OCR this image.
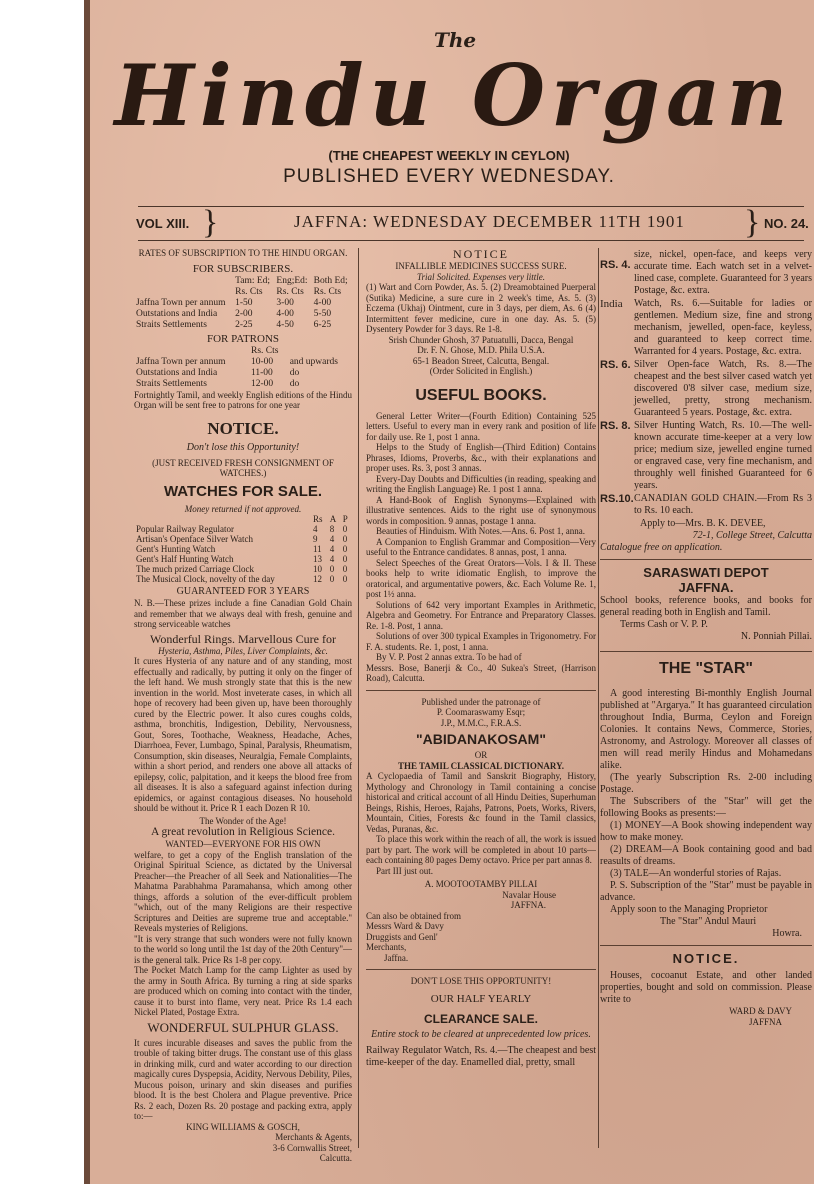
The
Hindu Organ
(THE CHEAPEST WEEKLY IN CEYLON)
PUBLISHED EVERY WEDNESDAY.
VOL XIII. }	JAFFNA: WEDNESDAY DECEMBER 11TH 1901 } NO. 24.

RATES OF SUBSCRIPTION TO THE HINDU ORGAN.

FOR SUBSCRIBERS.

	Tam: Ed;	Eng;Ed:	Both Ed;
	Rs. Cts	Rs. Cts	Rs. Cts
Jaffna Town per annum	1-50	3-00	4-00
Outstations and India	2-00	4-00	5-50
Straits Settlements	2-25	4-50	6-25

FOR PATRONS

	Rs. Cts	
Jaffna Town per annum	10-00	and upwards
Outstations and India	11-00	do
Straits Settlements	12-00	do

Fortnightly Tamil, and weekly English editions of the Hindu Organ will be sent free to patrons for one year

NOTICE.

Don't lose this Opportunity!

(JUST RECEIVED FRESH CONSIGNMENT OF WATCHES.)

WATCHES FOR SALE.

Money returned if not approved.

	Rs	A	P
Popular Railway Regulator	4	8	0
Artisan's Openface Silver Watch	9	4	0
Gent's Hunting Watch	11	4	0
Gent's Half Hunting Watch	13	4	0
The much prized Carriage Clock	10	0	0
The Musical Clock, novelty of the day	12	0	0

GUARANTEED FOR 3 YEARS

N. B.—These prizes include a fine Canadian Gold Chain and remember that we always deal with fresh, genuine and strong serviceable watches

Wonderful Rings. Marvellous Cure for

Hysteria, Asthma, Piles, Liver Complaints, &c.

It cures Hysteria of any nature and of any standing, most effectually and radically, by putting it only on the finger of the left hand. We mush strongly state that this is the new invention in the world. Most inveterate cases, in which all hope of recovery had been given up, have been thoroughly cured by the Electric power. It also cures coughs colds, asthma, bronchitis, Indigestion, Debility, Nervousness, Gout, Sores, Toothache, Weakness, Headache, Aches, Diarrhoea, Fever, Lumbago, Spinal, Paralysis, Rheumatism, Consumption, skin diseases, Neuralgia, Female Complaints, within a short period, and renders one above all attacks of epilepsy, colic, palpitation, and it keeps the blood free from all diseases. It is also a safeguard against infection during epidemics, or against contagious diseases. No household should be without it. Price R 1 each Dozen R 10.

The Wonder of the Age!

A great revolution in Religious Science.

WANTED—EVERYONE FOR HIS OWN

welfare, to get a copy of the English translation of the Original Spiritual Science, as dictated by the Universal Preacher—the Preacher of all Seek and Nationalities—The Mahatma Parabhahma Paramahansa, which among other things, affords a solution of the ever-difficult problem "which, out of the many Religions are their respective Scriptures and Deities are supreme true and acceptable." Reveals mysteries of Religions.

"It is very strange that such wonders were not fully known to the world so long until the 1st day of the 20th Century"—is the general talk. Price Rs 1-8 per copy.

The Pocket Match Lamp for the camp Lighter as used by the army in South Africa. By turning a ring at side sparks are produced which on coming into contact with the tinder, cause it to burst into flame, very neat. Price Rs 1.4 each Nickel Plated, Postage Extra.

WONDERFUL SULPHUR GLASS.

It cures incurable diseases and saves the public from the trouble of taking bitter drugs. The constant use of this glass in drinking milk, curd and water according to our direction magically cures Dyspepsia, Acidity, Nervous Debility, Piles, Mucous poison, urinary and skin diseases and purifies blood. It is the best Cholera and Plague preventive. Price Rs. 2 each, Dozen Rs. 20 postage and packing extra, apply to:—

KING WILLIAMS & GOSCH,

Merchants & Agents,

3-6 Cornwallis Street,

Calcutta.

NOTICE

INFALLIBLE MEDICINES SUCCESS SURE.

Trial Solicited. Expenses very little.

(1) Wart and Corn Powder, As. 5. (2) Dreamobtained Puerperal (Sutika) Medicine, a sure cure in 2 week's time, As. 5. (3) Eczema (Ukhaj) Ointment, cure in 3 days, per diem, As. 6 (4) Intermittent fever medicine, cure in one day. As. 5. (5) Dysentery Powder for 3 days. Re 1-8.

Srish Chunder Ghosh, 37 Patuatulli, Dacca, Bengal

Dr. F. N. Ghose, M.D. Phila U.S.A.

65-1 Beadon Street, Calcutta, Bengal.

(Order Solicited in English.)

USEFUL BOOKS.

General Letter Writer—(Fourth Edition) Containing 525 letters. Useful to every man in every rank and position of life for daily use. Re 1, post 1 anna.

Helps to the Study of English—(Third Edition) Contains Phrases, Idioms, Proverbs, &c., with their explanations and proper uses. Rs. 3, post 3 annas.

Every-Day Doubts and Difficulties (in reading, speaking and writing the English Language) Re. 1 post 1 anna.

A Hand-Book of English Synonyms—Explained with illustrative sentences. Aids to the right use of synonymous words in composition. 9 annas, postage 1 anna.

Beauties of Hinduism. With Notes.—Ans. 6. Post 1, anna.

A Companion to English Grammar and Composition—Very useful to the Entrance candidates. 8 annas, post, 1 anna.

Select Speeches of the Great Orators—Vols. I & II. These books help to write idiomatic English, to improve the oratorical, and argumentative powers, &c. Each Volume Re. 1, post 1½ anna.

Solutions of 642 very important Examples in Arithmetic, Algebra and Geometry. For Entrance and Preparatory Classes. Re. 1-8. Post, 1 anna.

Solutions of over 300 typical Examples in Trigonometry. For F. A. students. Re. 1, post, 1 anna.

By V. P. Post 2 annas extra. To be had of

Messrs. Bose, Banerji & Co., 40 Sukea's Street, (Harrison Road), Calcutta.

Published under the patronage of

P. Coomaraswamy Esqr;

J.P., M.M.C., F.R.A.S.

"ABIDANAKOSAM"

OR

THE TAMIL CLASSICAL DICTIONARY.

A Cyclopaedia of Tamil and Sanskrit Biography, History, Mythology and Chronology in Tamil containing a concise historical and critical account of all Hindu Deities, Superhuman Beings, Rishis, Heroes, Rajahs, Patrons, Poets, Works, Rivers, Mountain, Cities, Forests &c found in the Tamil classics, Vedas, Puranas, &c.

To place this work within the reach of all, the work is issued part by part. The work will be completed in about 10 parts—each containing 80 pages Demy octavo. Price per part annas 8.

Part III just out.

A. MOOTOOTAMBY PILLAI

Navalar House

JAFFNA.

Can also be obtained from Messrs Ward & Davy Druggists and Genl' Merchants,

Jaffna.

DON'T LOSE THIS OPPORTUNITY!

OUR HALF YEARLY

CLEARANCE SALE.

Entire stock to be cleared at unprecedented low prices.

Railway Regulator Watch, Rs. 4.—The cheapest and best time-keeper of the day. Enamelled dial, pretty, small

RS. 4.
size, nickel, open-face, and keeps very accurate time. Each watch set in a velvet-lined case, complete. Guaranteed for 3 years Postage, &c. extra.
India	Watch, Rs. 6.—Suitable for ladies or gentlemen. Medium size, fine and strong mechanism, jewelled, open-face, keyless, and guaranteed to keep correct time. Warranted for 4 years. Postage, &c. extra.
RS. 6. Silver Open-face Watch, Rs. 8.—The cheapest and the best silver cased watch yet discovered 0'8 silver case, medium size, jewelled, pretty, strong mechanism. Guaranteed 5 years. Postage, &c. extra.
RS. 8. Silver Hunting Watch, Rs. 10.—The well-known accurate time-keeper at a very low price; medium size, jewelled engine turned or engraved case, very fine mechanism, and throughly well finished Guaranteed for 6 years.
RS.10. CANADIAN GOLD CHAIN.—From Rs 3 to Rs. 10 each.

Apply to—Mrs. B. K. DEVEE,

72-1, College Street, Calcutta

Catalogue free on application.

SARASWATI DEPOT

JAFFNA.

School books, reference books, and books for general reading both in English and Tamil.

Terms Cash or V. P. P.

N. Ponniah Pillai.

THE "STAR"

A good interesting Bi-monthly English Journal published at "Argarya." It has guaranteed circulation throughout India, Burma, Ceylon and Foreign Colonies. It contains News, Commerce, Stories, Astronomy, and Astrology. Moreover all classes of men will read merily Hindus and Mohamedans alike.

(The yearly Subscription Rs. 2-00 including Postage.

The Subscribers of the "Star" will get the following Books as presents:—

(1) MONEY—A Book showing independent way how to make money.

(2) DREAM—A Book containing good and bad reasults of dreams.

(3) TALE—An wonderful stories of Rajas.

P. S. Subscription of the "Star" must be payable in advance.

Apply soon to the Managing Proprietor

The "Star" Andul Mauri

Howra.

NOTICE.

Houses, cocoanut Estate, and other landed properties, bought and sold on commission. Please write to

WARD & DAVY

JAFFNA
